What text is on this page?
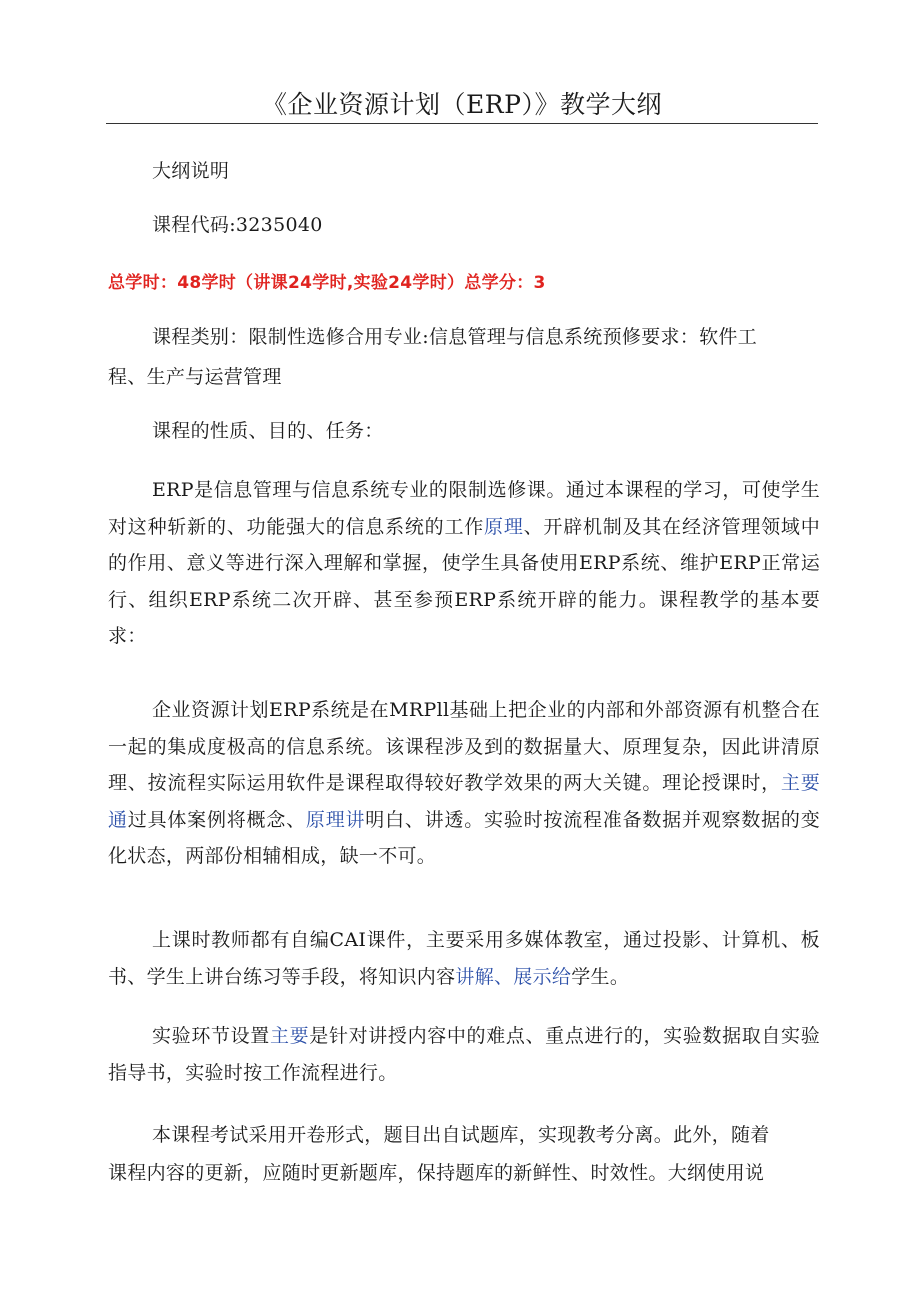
《企业资源计划（ERP）》教学大纲
大纲说明
课程代码:3235040
总学时：48学时（讲课24学时,实验24学时）总学分：3
课程类别：限制性选修合用专业:信息管理与信息系统预修要求：软件工
程、生产与运营管理
课程的性质、目的、任务：
ERP是信息管理与信息系统专业的限制选修课。通过本课程的学习，可使学生对这种斩新的、功能强大的信息系统的工作原理、开辟机制及其在经济管理领域中的作用、意义等进行深入理解和掌握，使学生具备使用ERP系统、维护ERP正常运行、组织ERP系统二次开辟、甚至参预ERP系统开辟的能力。课程教学的基本要求：
企业资源计划ERP系统是在MRPll基础上把企业的内部和外部资源有机整合在一起的集成度极高的信息系统。该课程涉及到的数据量大、原理复杂，因此讲清原理、按流程实际运用软件是课程取得较好教学效果的两大关键。理论授课时，主要通过具体案例将概念、原理讲明白、讲透。实验时按流程准备数据并观察数据的变化状态，两部份相辅相成，缺一不可。
上课时教师都有自编CAI课件，主要采用多媒体教室，通过投影、计算机、板书、学生上讲台练习等手段，将知识内容讲解、展示给学生。
实验环节设置主要是针对讲授内容中的难点、重点进行的，实验数据取自实验指导书，实验时按工作流程进行。
本课程考试采用开卷形式，题目出自试题库，实现教考分离。此外，随着
课程内容的更新，应随时更新题库，保持题库的新鲜性、时效性。大纲使用说
